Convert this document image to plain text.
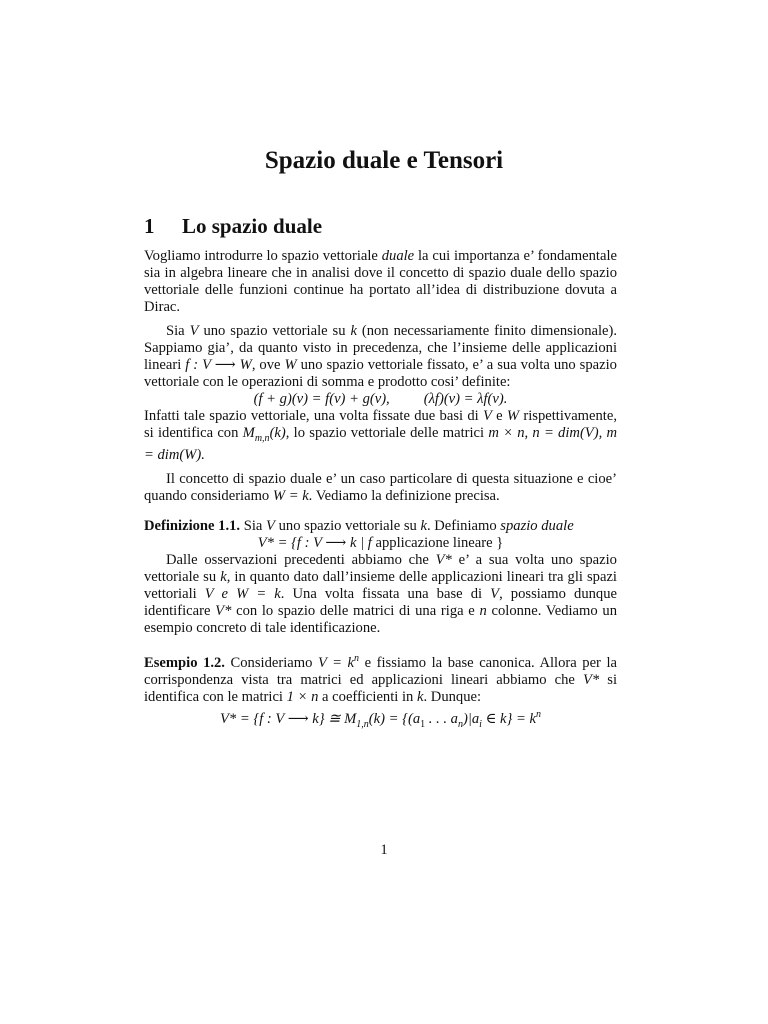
Spazio duale e Tensori
1 Lo spazio duale

Vogliamo introdurre lo spazio vettoriale duale la cui importanza e’ fondamentale sia in algebra lineare che in analisi dove il concetto di spazio duale dello spazio vettoriale delle funzioni continue ha portato all’idea di distribuzione dovuta a Dirac.

Sia V uno spazio vettoriale su k (non necessariamente finito dimensionale). Sappiamo gia’, da quanto visto in precedenza, che l’insieme delle applicazioni lineari f : V ⟶ W, ove W uno spazio vettoriale fissato, e’ a sua volta uno spazio vettoriale con le operazioni di somma e prodotto cosi’ definite:

(f + g)(v) = f(v) + g(v), (λf)(v) = λf(v).

Infatti tale spazio vettoriale, una volta fissate due basi di V e W rispettivamente, si identifica con $M_{m,n}(k)$, lo spazio vettoriale delle matrici m × n, n = dim(V), m = dim(W).

Il concetto di spazio duale e’ un caso particolare di questa situazione e cioe’ quando consideriamo W = k. Vediamo la definizione precisa.

Definizione 1.1. Sia V uno spazio vettoriale su k. Definiamo spazio duale

V* = {f : V ⟶ k | f applicazione lineare }

Dalle osservazioni precedenti abbiamo che V* e’ a sua volta uno spazio vettoriale su k, in quanto dato dall’insieme delle applicazioni lineari tra gli spazi vettoriali V e W = k. Una volta fissata una base di V, possiamo dunque identificare V* con lo spazio delle matrici di una riga e n colonne. Vediamo un esempio concreto di tale identificazione.

Esempio 1.2. Consideriamo $V = k^n$ e fissiamo la base canonica. Allora per la corrispondenza vista tra matrici ed applicazioni lineari abbiamo che V* si identifica con le matrici 1 × n a coefficienti in k. Dunque:

V* = {f : V ⟶ k} ≅ $M_{1,n}(k) = \{(a_1$ . . . $a_n)|a_i$ ∈ $k\} = k^n$

1
